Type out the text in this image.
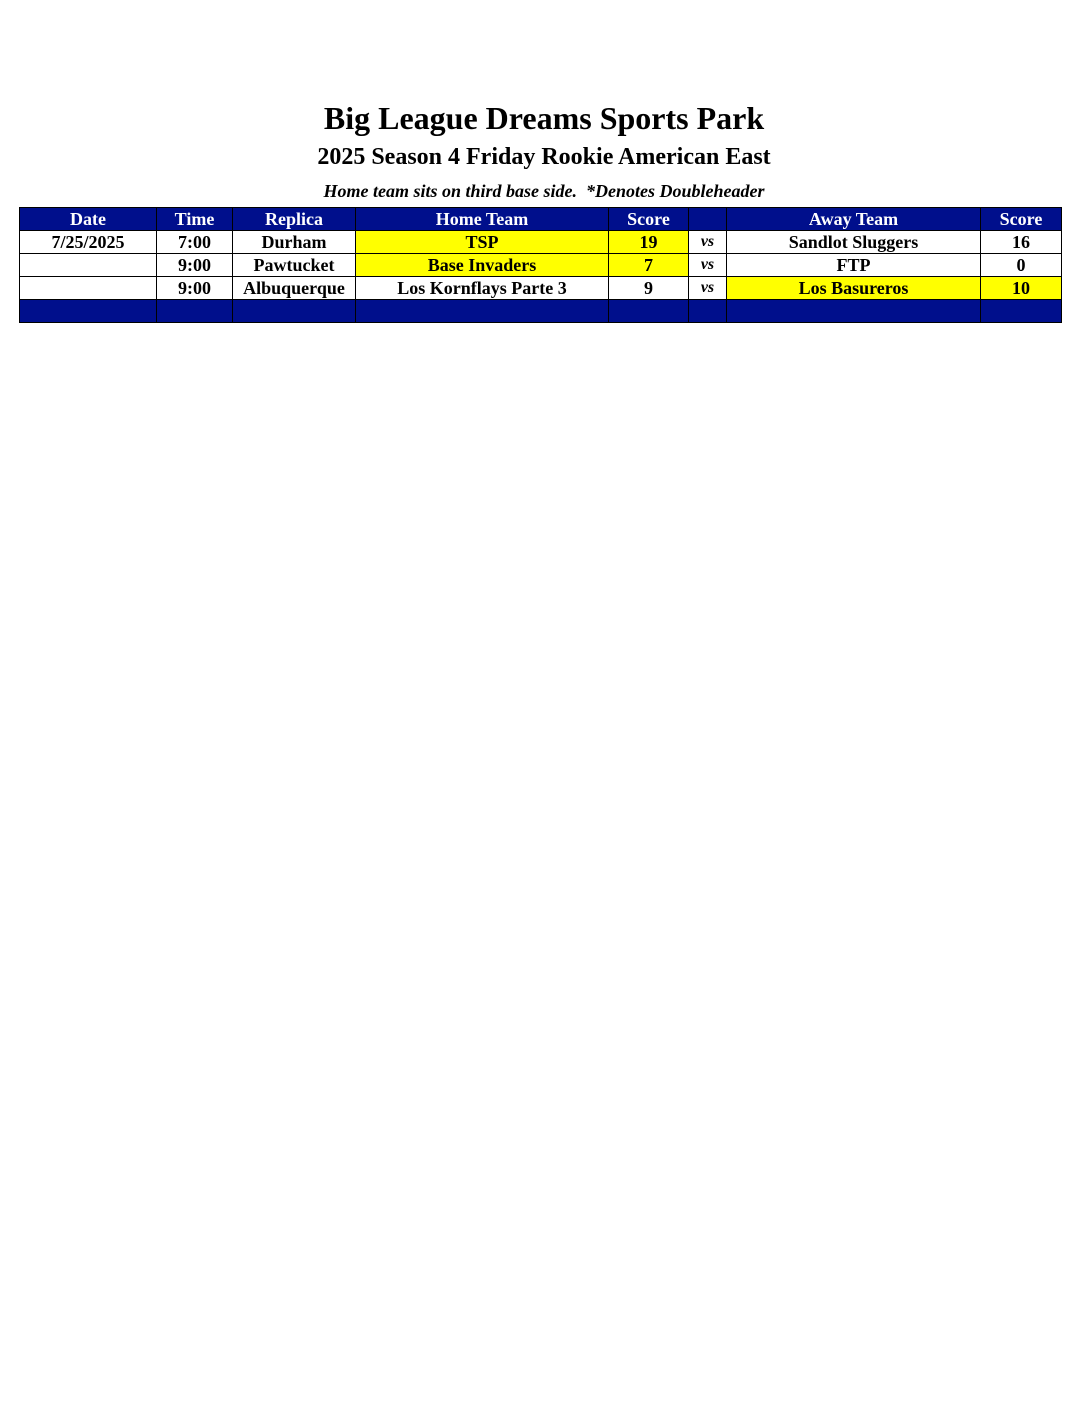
Big League Dreams Sports Park
2025 Season 4 Friday Rookie American East
Home team sits on third base side.  *Denotes Doubleheader
Date	Time	Replica	Home Team	Score		Away Team	Score
7/25/2025	7:00	Durham	TSP	19	vs	Sandlot Sluggers	16
	9:00	Pawtucket	Base Invaders	7	vs	FTP	0
	9:00	Albuquerque	Los Kornflays Parte 3	9	vs	Los Basureros	10
